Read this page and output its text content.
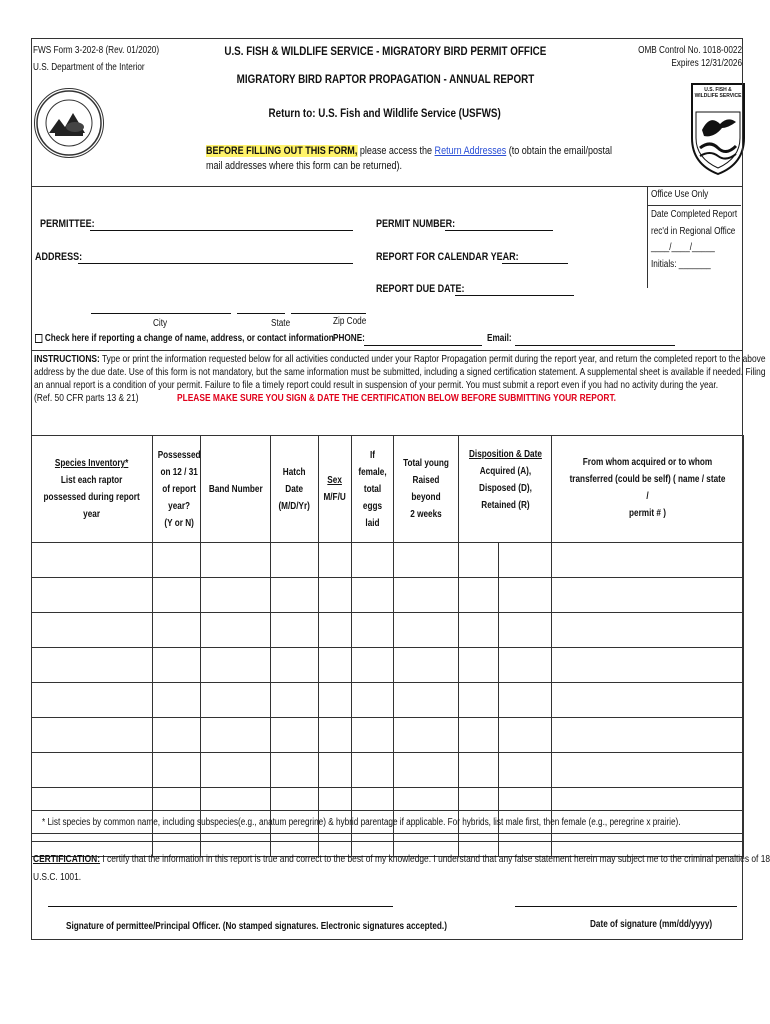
FWS Form 3-202-8 (Rev. 01/2020)
U.S. Department of the Interior
U.S. FISH & WILDLIFE SERVICE - MIGRATORY BIRD PERMIT OFFICE
MIGRATORY BIRD RAPTOR PROPAGATION - ANNUAL REPORT
Return to: U.S. Fish and Wildlife Service (USFWS)
OMB Control No. 1018-0022
Expires 12/31/2026
U.S. FISH & WILDLIFE SERVICE
BEFORE FILLING OUT THIS FORM, please access the Return Addresses (to obtain the email/postal
mail addresses where this form can be returned).
Office Use Only
Date Completed Report
rec'd in Regional Office
____/____/_____
Initials: _______
PERMITTEE:
ADDRESS:
PERMIT NUMBER:
REPORT FOR CALENDAR YEAR:
REPORT DUE DATE:
City	State	Zip Code
Check here if reporting a change of name, address, or contact information PHONE:	Email:
INSTRUCTIONS: Type or print the information requested below for all activities conducted under your Raptor Propagation permit during the report year, and return the completed report to the above
address by the due date. Use of this form is not mandatory, but the same information must be submitted, including a signed certification statement. A supplemental sheet is available if needed. Filing
an annual report is a condition of your permit. Failure to file a timely report could result in suspension of your permit. You must submit a report even if you had no activity during the year.
(Ref. 50 CFR parts 13 & 21)	PLEASE MAKE SURE YOU SIGN & DATE THE CERTIFICATION BELOW BEFORE SUBMITTING YOUR REPORT.
Species Inventory*
List each raptor
possessed during report
year	Possessed
on 12 / 31
of report
year?
(Y or N)	Band Number	Hatch
Date
(M/D/Yr)	Sex
M/F/U	If
female,
total
eggs laid	Total young
Raised beyond
2 weeks	Disposition & Date
Acquired (A),
Disposed (D),
Retained (R)		From whom acquired or to whom
transferred (could be self) ( name / state /
permit # )

* List species by common name, including subspecies(e.g., anatum peregrine) & hybrid parentage if applicable. For hybrids, list male first, then female (e.g., peregrine x prairie).
CERTIFICATION: I certify that the information in this report is true and correct to the best of my knowledge. I understand that any false statement herein may subject me to the criminal penalties of 18
U.S.C. 1001.
Signature of permittee/Principal Officer. (No stamped signatures. Electronic signatures accepted.)	Date of signature (mm/dd/yyyy)
